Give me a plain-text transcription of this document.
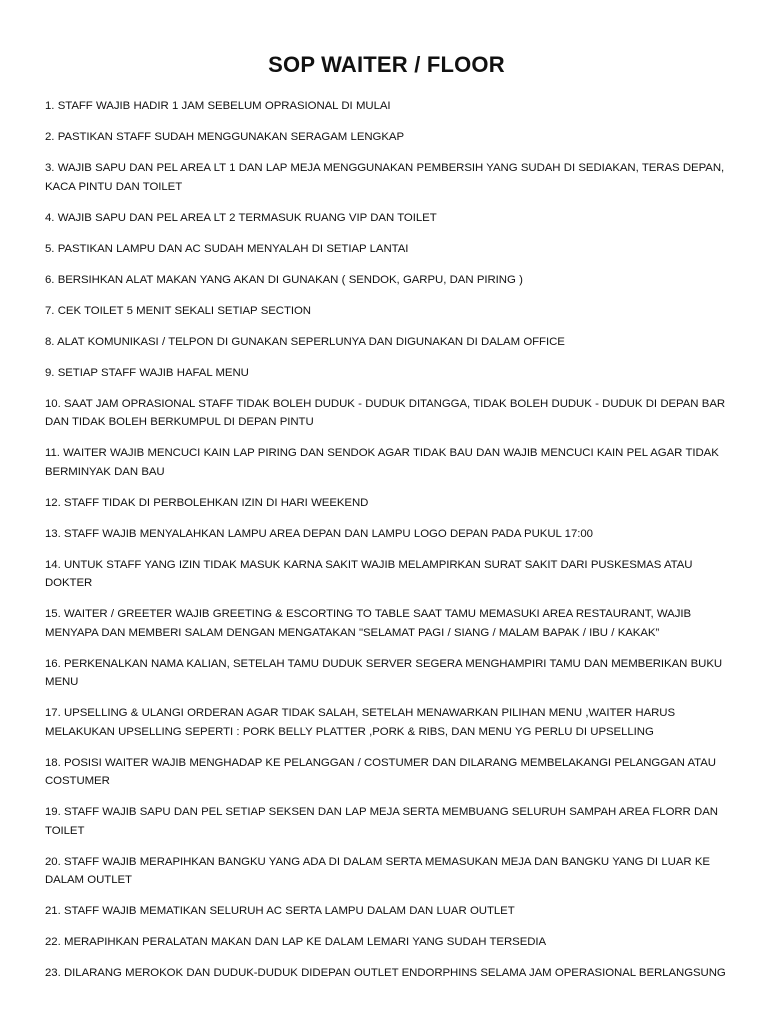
SOP WAITER / FLOOR
1. STAFF WAJIB HADIR 1 JAM SEBELUM OPRASIONAL DI MULAI
2. PASTIKAN STAFF SUDAH MENGGUNAKAN SERAGAM LENGKAP
3. WAJIB SAPU DAN PEL AREA LT 1 DAN LAP MEJA MENGGUNAKAN PEMBERSIH YANG SUDAH DI SEDIAKAN, TERAS DEPAN, KACA PINTU DAN TOILET
4. WAJIB SAPU DAN PEL AREA LT 2 TERMASUK RUANG VIP DAN TOILET
5. PASTIKAN LAMPU DAN AC SUDAH MENYALAH DI SETIAP LANTAI
6. BERSIHKAN ALAT MAKAN YANG AKAN DI GUNAKAN ( SENDOK, GARPU, DAN PIRING )
7. CEK TOILET 5 MENIT SEKALI SETIAP SECTION
8. ALAT KOMUNIKASI / TELPON DI GUNAKAN SEPERLUNYA DAN DIGUNAKAN DI DALAM OFFICE
9. SETIAP STAFF WAJIB HAFAL MENU
10. SAAT JAM OPRASIONAL STAFF TIDAK BOLEH DUDUK - DUDUK DITANGGA, TIDAK BOLEH DUDUK - DUDUK DI DEPAN BAR DAN TIDAK BOLEH BERKUMPUL DI DEPAN PINTU
11. WAITER WAJIB MENCUCI KAIN LAP PIRING DAN SENDOK AGAR TIDAK BAU DAN WAJIB MENCUCI KAIN PEL AGAR TIDAK BERMINYAK DAN BAU
12. STAFF TIDAK DI PERBOLEHKAN IZIN DI HARI WEEKEND
13. STAFF WAJIB MENYALAHKAN LAMPU AREA DEPAN DAN LAMPU LOGO DEPAN PADA PUKUL 17:00
14. UNTUK STAFF YANG IZIN TIDAK MASUK KARNA SAKIT WAJIB MELAMPIRKAN SURAT SAKIT DARI PUSKESMAS ATAU DOKTER
15. WAITER / GREETER WAJIB GREETING & ESCORTING TO TABLE SAAT TAMU MEMASUKI AREA RESTAURANT, WAJIB MENYAPA DAN MEMBERI SALAM DENGAN MENGATAKAN "SELAMAT PAGI / SIANG / MALAM BAPAK / IBU / KAKAK”
16. PERKENALKAN NAMA KALIAN, SETELAH TAMU DUDUK SERVER SEGERA MENGHAMPIRI TAMU DAN MEMBERIKAN BUKU MENU
17. UPSELLING & ULANGI ORDERAN AGAR TIDAK SALAH, SETELAH MENAWARKAN PILIHAN MENU ,WAITER HARUS MELAKUKAN UPSELLING SEPERTI : PORK BELLY PLATTER ,PORK & RIBS, DAN MENU YG PERLU DI UPSELLING
18. POSISI WAITER WAJIB MENGHADAP KE PELANGGAN / COSTUMER DAN DILARANG MEMBELAKANGI PELANGGAN ATAU COSTUMER
19. STAFF WAJIB SAPU DAN PEL SETIAP SEKSEN DAN LAP MEJA SERTA MEMBUANG SELURUH SAMPAH AREA FLORR DAN TOILET
20. STAFF WAJIB MERAPIHKAN BANGKU YANG ADA DI DALAM SERTA MEMASUKAN MEJA DAN BANGKU YANG DI LUAR KE DALAM OUTLET
21. STAFF WAJIB MEMATIKAN SELURUH AC SERTA LAMPU DALAM DAN LUAR OUTLET
22. MERAPIHKAN PERALATAN MAKAN DAN LAP KE DALAM LEMARI YANG SUDAH TERSEDIA
23. DILARANG MEROKOK DAN DUDUK-DUDUK DIDEPAN OUTLET ENDORPHINS SELAMA JAM OPERASIONAL BERLANGSUNG
